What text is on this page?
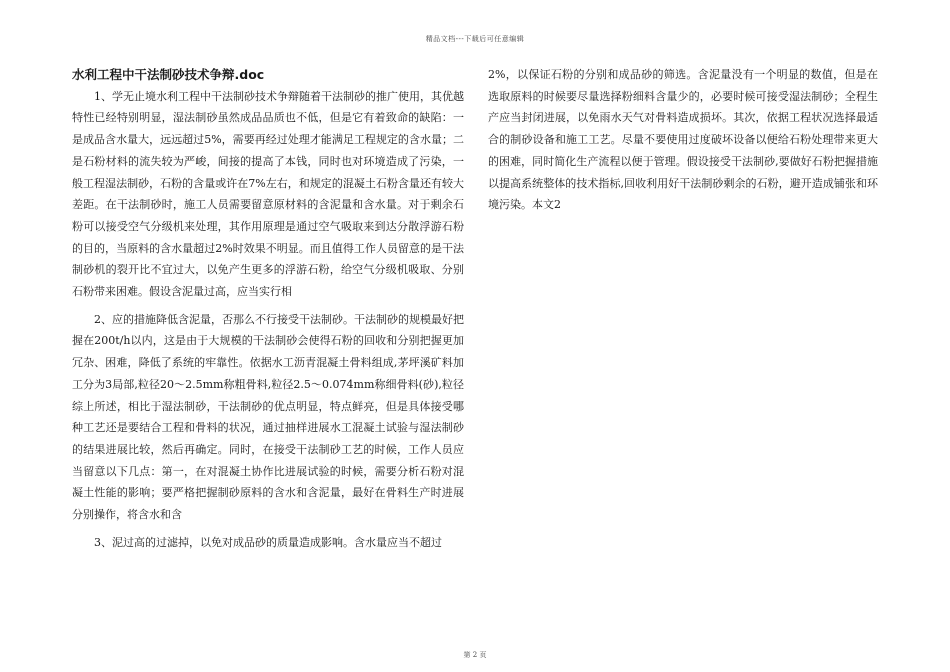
精品文档---下载后可任意编辑
水利工程中干法制砂技术争辩.doc

1、学无止境水利工程中干法制砂技术争辩随着干法制砂的推广使用，其优越特性已经特别明显，湿法制砂虽然成品品质也不低，但是它有着致命的缺陷：一是成品含水量大，远远超过5%，需要再经过处理才能满足工程规定的含水量；二是石粉材料的流失较为严峻，间接的提高了本钱，同时也对环境造成了污染，一般工程湿法制砂，石粉的含量或许在7%左右，和规定的混凝土石粉含量还有较大差距。在干法制砂时，施工人员需要留意原材料的含泥量和含水量。对于剩余石粉可以接受空气分级机来处理，其作用原理是通过空气吸取来到达分散浮游石粉的目的，当原料的含水量超过2%时效果不明显。而且值得工作人员留意的是干法制砂机的裂开比不宜过大，以免产生更多的浮游石粉，给空气分级机吸取、分别石粉带来困难。假设含泥量过高，应当实行相

2、应的措施降低含泥量，否那么不行接受干法制砂。干法制砂的规模最好把握在200t/h以内，这是由于大规模的干法制砂会使得石粉的回收和分别把握更加冗杂、困难，降低了系统的牢靠性。依据水工沥青混凝土骨料组成,茅坪溪矿料加工分为3局部,粒径20～2.5mm称粗骨料,粒径2.5～0.074mm称细骨料(砂),粒径综上所述，相比于湿法制砂，干法制砂的优点明显，特点鲜亮，但是具体接受哪种工艺还是要结合工程和骨料的状况，通过抽样进展水工混凝土试验与湿法制砂的结果进展比较，然后再确定。同时，在接受干法制砂工艺的时候，工作人员应当留意以下几点：第一，在对混凝土协作比进展试验的时候，需要分析石粉对混凝土性能的影响；要严格把握制砂原料的含水和含泥量，最好在骨料生产时进展分别操作，将含水和含

3、泥过高的过滤掉，以免对成品砂的质量造成影响。含水量应当不超过

2%，以保证石粉的分别和成品砂的筛选。含泥量没有一个明显的数值，但是在选取原料的时候要尽量选择粉细料含量少的，必要时候可接受湿法制砂；全程生产应当封闭进展，以免雨水天气对骨料造成损坏。其次，依据工程状况选择最适合的制砂设备和施工工艺。尽量不要使用过度破坏设备以便给石粉处理带来更大的困难，同时简化生产流程以便于管理。假设接受干法制砂,要做好石粉把握措施以提高系统整体的技术指标,回收利用好干法制砂剩余的石粉，避开造成铺张和环境污染。本文2

第 2 页
